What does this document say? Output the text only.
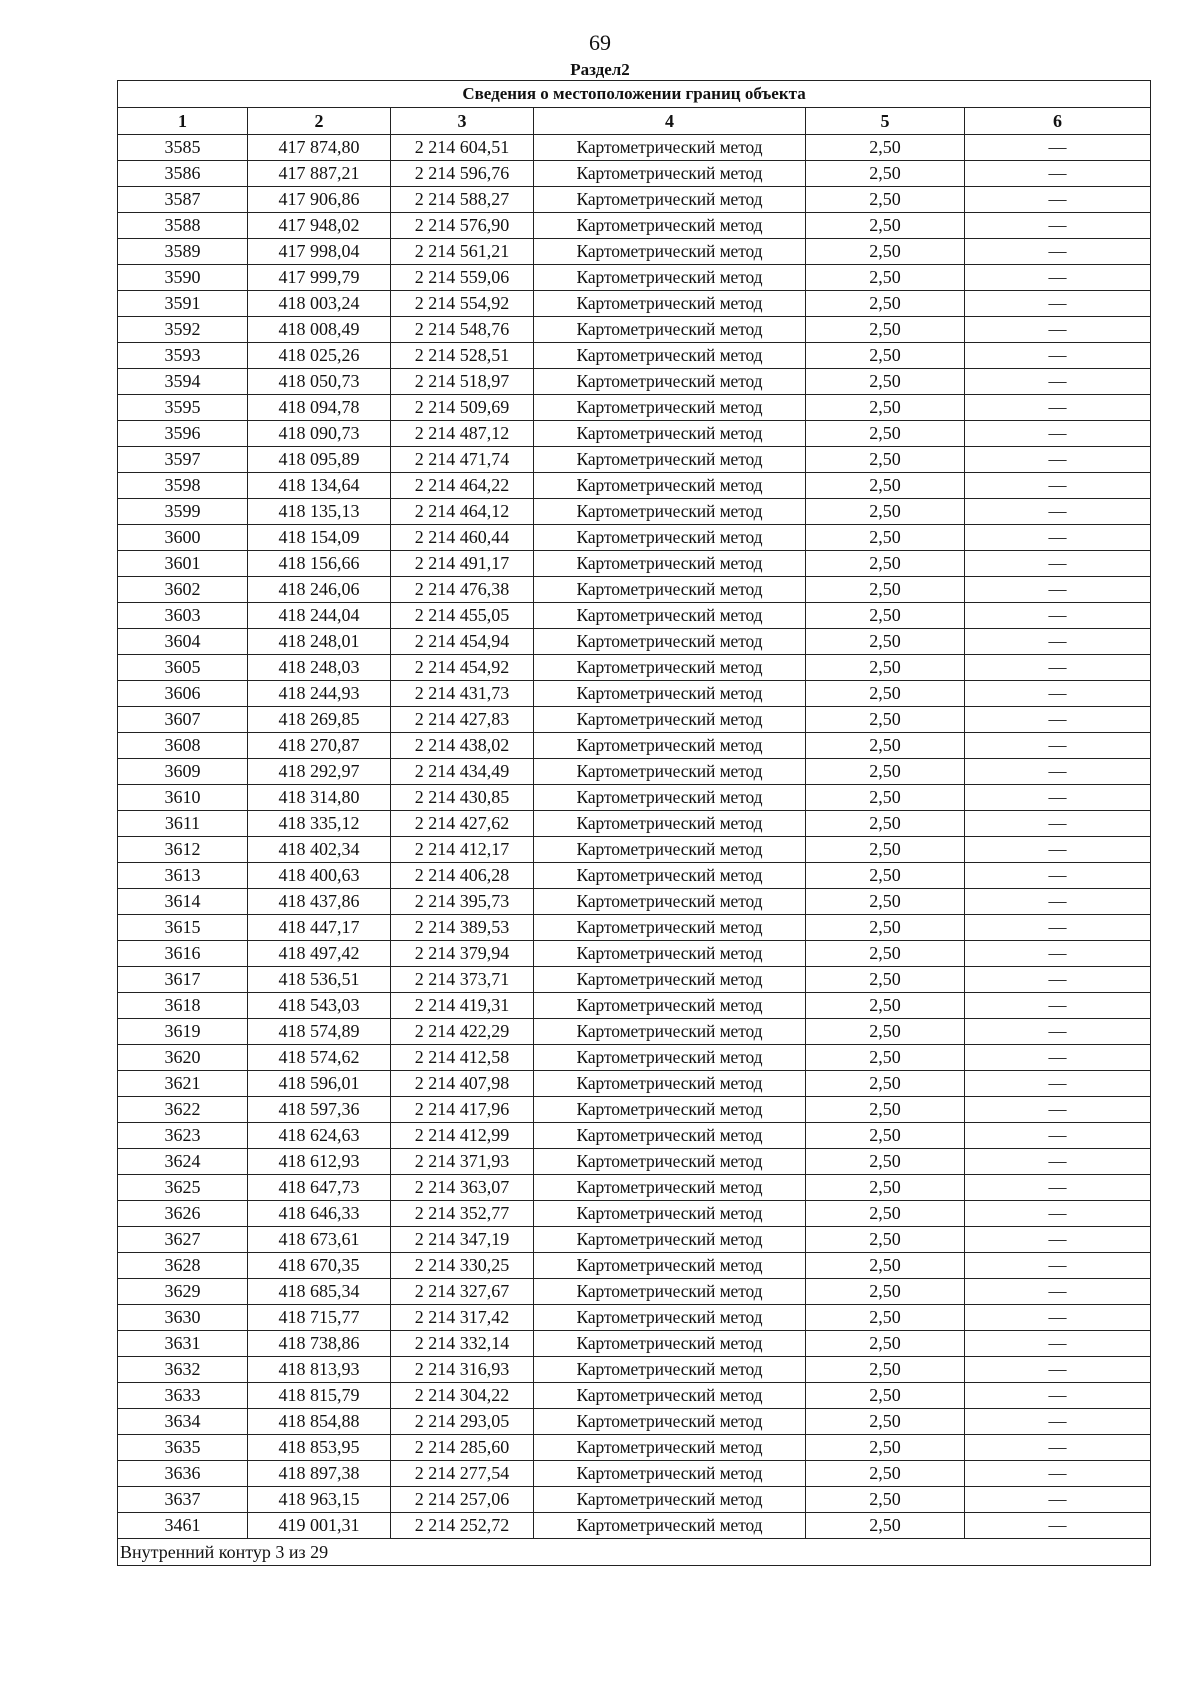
69
Раздел2
Сведения о местоположении границ объекта					
1	2	3	4	5	6
3585	417 874,80	2 214 604,51	Картометрический метод	2,50	—
3586	417 887,21	2 214 596,76	Картометрический метод	2,50	—
3587	417 906,86	2 214 588,27	Картометрический метод	2,50	—
3588	417 948,02	2 214 576,90	Картометрический метод	2,50	—
3589	417 998,04	2 214 561,21	Картометрический метод	2,50	—
3590	417 999,79	2 214 559,06	Картометрический метод	2,50	—
3591	418 003,24	2 214 554,92	Картометрический метод	2,50	—
3592	418 008,49	2 214 548,76	Картометрический метод	2,50	—
3593	418 025,26	2 214 528,51	Картометрический метод	2,50	—
3594	418 050,73	2 214 518,97	Картометрический метод	2,50	—
3595	418 094,78	2 214 509,69	Картометрический метод	2,50	—
3596	418 090,73	2 214 487,12	Картометрический метод	2,50	—
3597	418 095,89	2 214 471,74	Картометрический метод	2,50	—
3598	418 134,64	2 214 464,22	Картометрический метод	2,50	—
3599	418 135,13	2 214 464,12	Картометрический метод	2,50	—
3600	418 154,09	2 214 460,44	Картометрический метод	2,50	—
3601	418 156,66	2 214 491,17	Картометрический метод	2,50	—
3602	418 246,06	2 214 476,38	Картометрический метод	2,50	—
3603	418 244,04	2 214 455,05	Картометрический метод	2,50	—
3604	418 248,01	2 214 454,94	Картометрический метод	2,50	—
3605	418 248,03	2 214 454,92	Картометрический метод	2,50	—
3606	418 244,93	2 214 431,73	Картометрический метод	2,50	—
3607	418 269,85	2 214 427,83	Картометрический метод	2,50	—
3608	418 270,87	2 214 438,02	Картометрический метод	2,50	—
3609	418 292,97	2 214 434,49	Картометрический метод	2,50	—
3610	418 314,80	2 214 430,85	Картометрический метод	2,50	—
3611	418 335,12	2 214 427,62	Картометрический метод	2,50	—
3612	418 402,34	2 214 412,17	Картометрический метод	2,50	—
3613	418 400,63	2 214 406,28	Картометрический метод	2,50	—
3614	418 437,86	2 214 395,73	Картометрический метод	2,50	—
3615	418 447,17	2 214 389,53	Картометрический метод	2,50	—
3616	418 497,42	2 214 379,94	Картометрический метод	2,50	—
3617	418 536,51	2 214 373,71	Картометрический метод	2,50	—
3618	418 543,03	2 214 419,31	Картометрический метод	2,50	—
3619	418 574,89	2 214 422,29	Картометрический метод	2,50	—
3620	418 574,62	2 214 412,58	Картометрический метод	2,50	—
3621	418 596,01	2 214 407,98	Картометрический метод	2,50	—
3622	418 597,36	2 214 417,96	Картометрический метод	2,50	—
3623	418 624,63	2 214 412,99	Картометрический метод	2,50	—
3624	418 612,93	2 214 371,93	Картометрический метод	2,50	—
3625	418 647,73	2 214 363,07	Картометрический метод	2,50	—
3626	418 646,33	2 214 352,77	Картометрический метод	2,50	—
3627	418 673,61	2 214 347,19	Картометрический метод	2,50	—
3628	418 670,35	2 214 330,25	Картометрический метод	2,50	—
3629	418 685,34	2 214 327,67	Картометрический метод	2,50	—
3630	418 715,77	2 214 317,42	Картометрический метод	2,50	—
3631	418 738,86	2 214 332,14	Картометрический метод	2,50	—
3632	418 813,93	2 214 316,93	Картометрический метод	2,50	—
3633	418 815,79	2 214 304,22	Картометрический метод	2,50	—
3634	418 854,88	2 214 293,05	Картометрический метод	2,50	—
3635	418 853,95	2 214 285,60	Картометрический метод	2,50	—
3636	418 897,38	2 214 277,54	Картометрический метод	2,50	—
3637	418 963,15	2 214 257,06	Картометрический метод	2,50	—
3461	419 001,31	2 214 252,72	Картометрический метод	2,50	—
Внутренний контур 3 из 29					
